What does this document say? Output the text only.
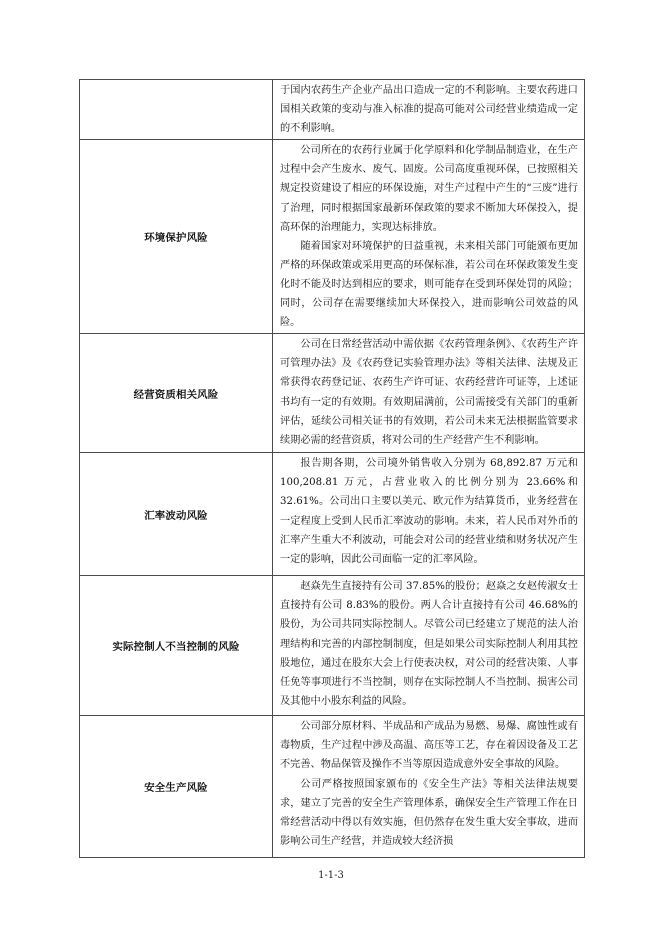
	于国内农药生产企业产品出口造成一定的不利影响。主要农药进口国相关政策的变动与准入标准的提高可能对公司经营业绩造成一定的不利影响。

环境保护风险	公司所在的农药行业属于化学原料和化学制品制造业，在生产过程中会产生废水、废气、固废。公司高度重视环保，已按照相关规定投资建设了相应的环保设施，对生产过程中产生的“三废”进行了治理，同时根据国家最新环保政策的要求不断加大环保投入，提高环保的治理能力，实现达标排放。

随着国家对环境保护的日益重视，未来相关部门可能颁布更加严格的环保政策或采用更高的环保标准，若公司在环保政策发生变化时不能及时达到相应的要求，则可能存在受到环保处罚的风险；同时，公司存在需要继续加大环保投入，进而影响公司效益的风险。

经营资质相关风险	公司在日常经营活动中需依据《农药管理条例》、《农药生产许可管理办法》及《农药登记实验管理办法》等相关法律、法规及正常获得农药登记证、农药生产许可证、农药经营许可证等，上述证书均有一定的有效期。有效期届满前，公司需接受有关部门的重新评估，延续公司相关证书的有效期，若公司未来无法根据监管要求续期必需的经营资质，将对公司的生产经营产生不利影响。

汇率波动风险	报告期各期，公司境外销售收入分别为 68,892.87 万元和 100,208.81 万元，占营业收入的比例分别为 23.66%和 32.61%。公司出口主要以美元、欧元作为结算货币，业务经营在一定程度上受到人民币汇率波动的影响。未来，若人民币对外币的汇率产生重大不利波动，可能会对公司的经营业绩和财务状况产生一定的影响，因此公司面临一定的汇率风险。

实际控制人不当控制的风险	赵焱先生直接持有公司 37.85%的股份；赵焱之女赵传淑女士直接持有公司 8.83%的股份。两人合计直接持有公司 46.68%的股份，为公司共同实际控制人。尽管公司已经建立了规范的法人治理结构和完善的内部控制制度，但是如果公司实际控制人利用其控股地位，通过在股东大会上行使表决权，对公司的经营决策、人事任免等事项进行不当控制，则存在实际控制人不当控制、损害公司及其他中小股东利益的风险。

安全生产风险	公司部分原材料、半成品和产成品为易燃、易爆、腐蚀性或有毒物质，生产过程中涉及高温、高压等工艺，存在着因设备及工艺不完善、物品保管及操作不当等原因造成意外安全事故的风险。

公司严格按照国家颁布的《安全生产法》等相关法律法规要求，建立了完善的安全生产管理体系，确保安全生产管理工作在日常经营活动中得以有效实施，但仍然存在发生重大安全事故，进而影响公司生产经营，并造成较大经济损

1-1-3
